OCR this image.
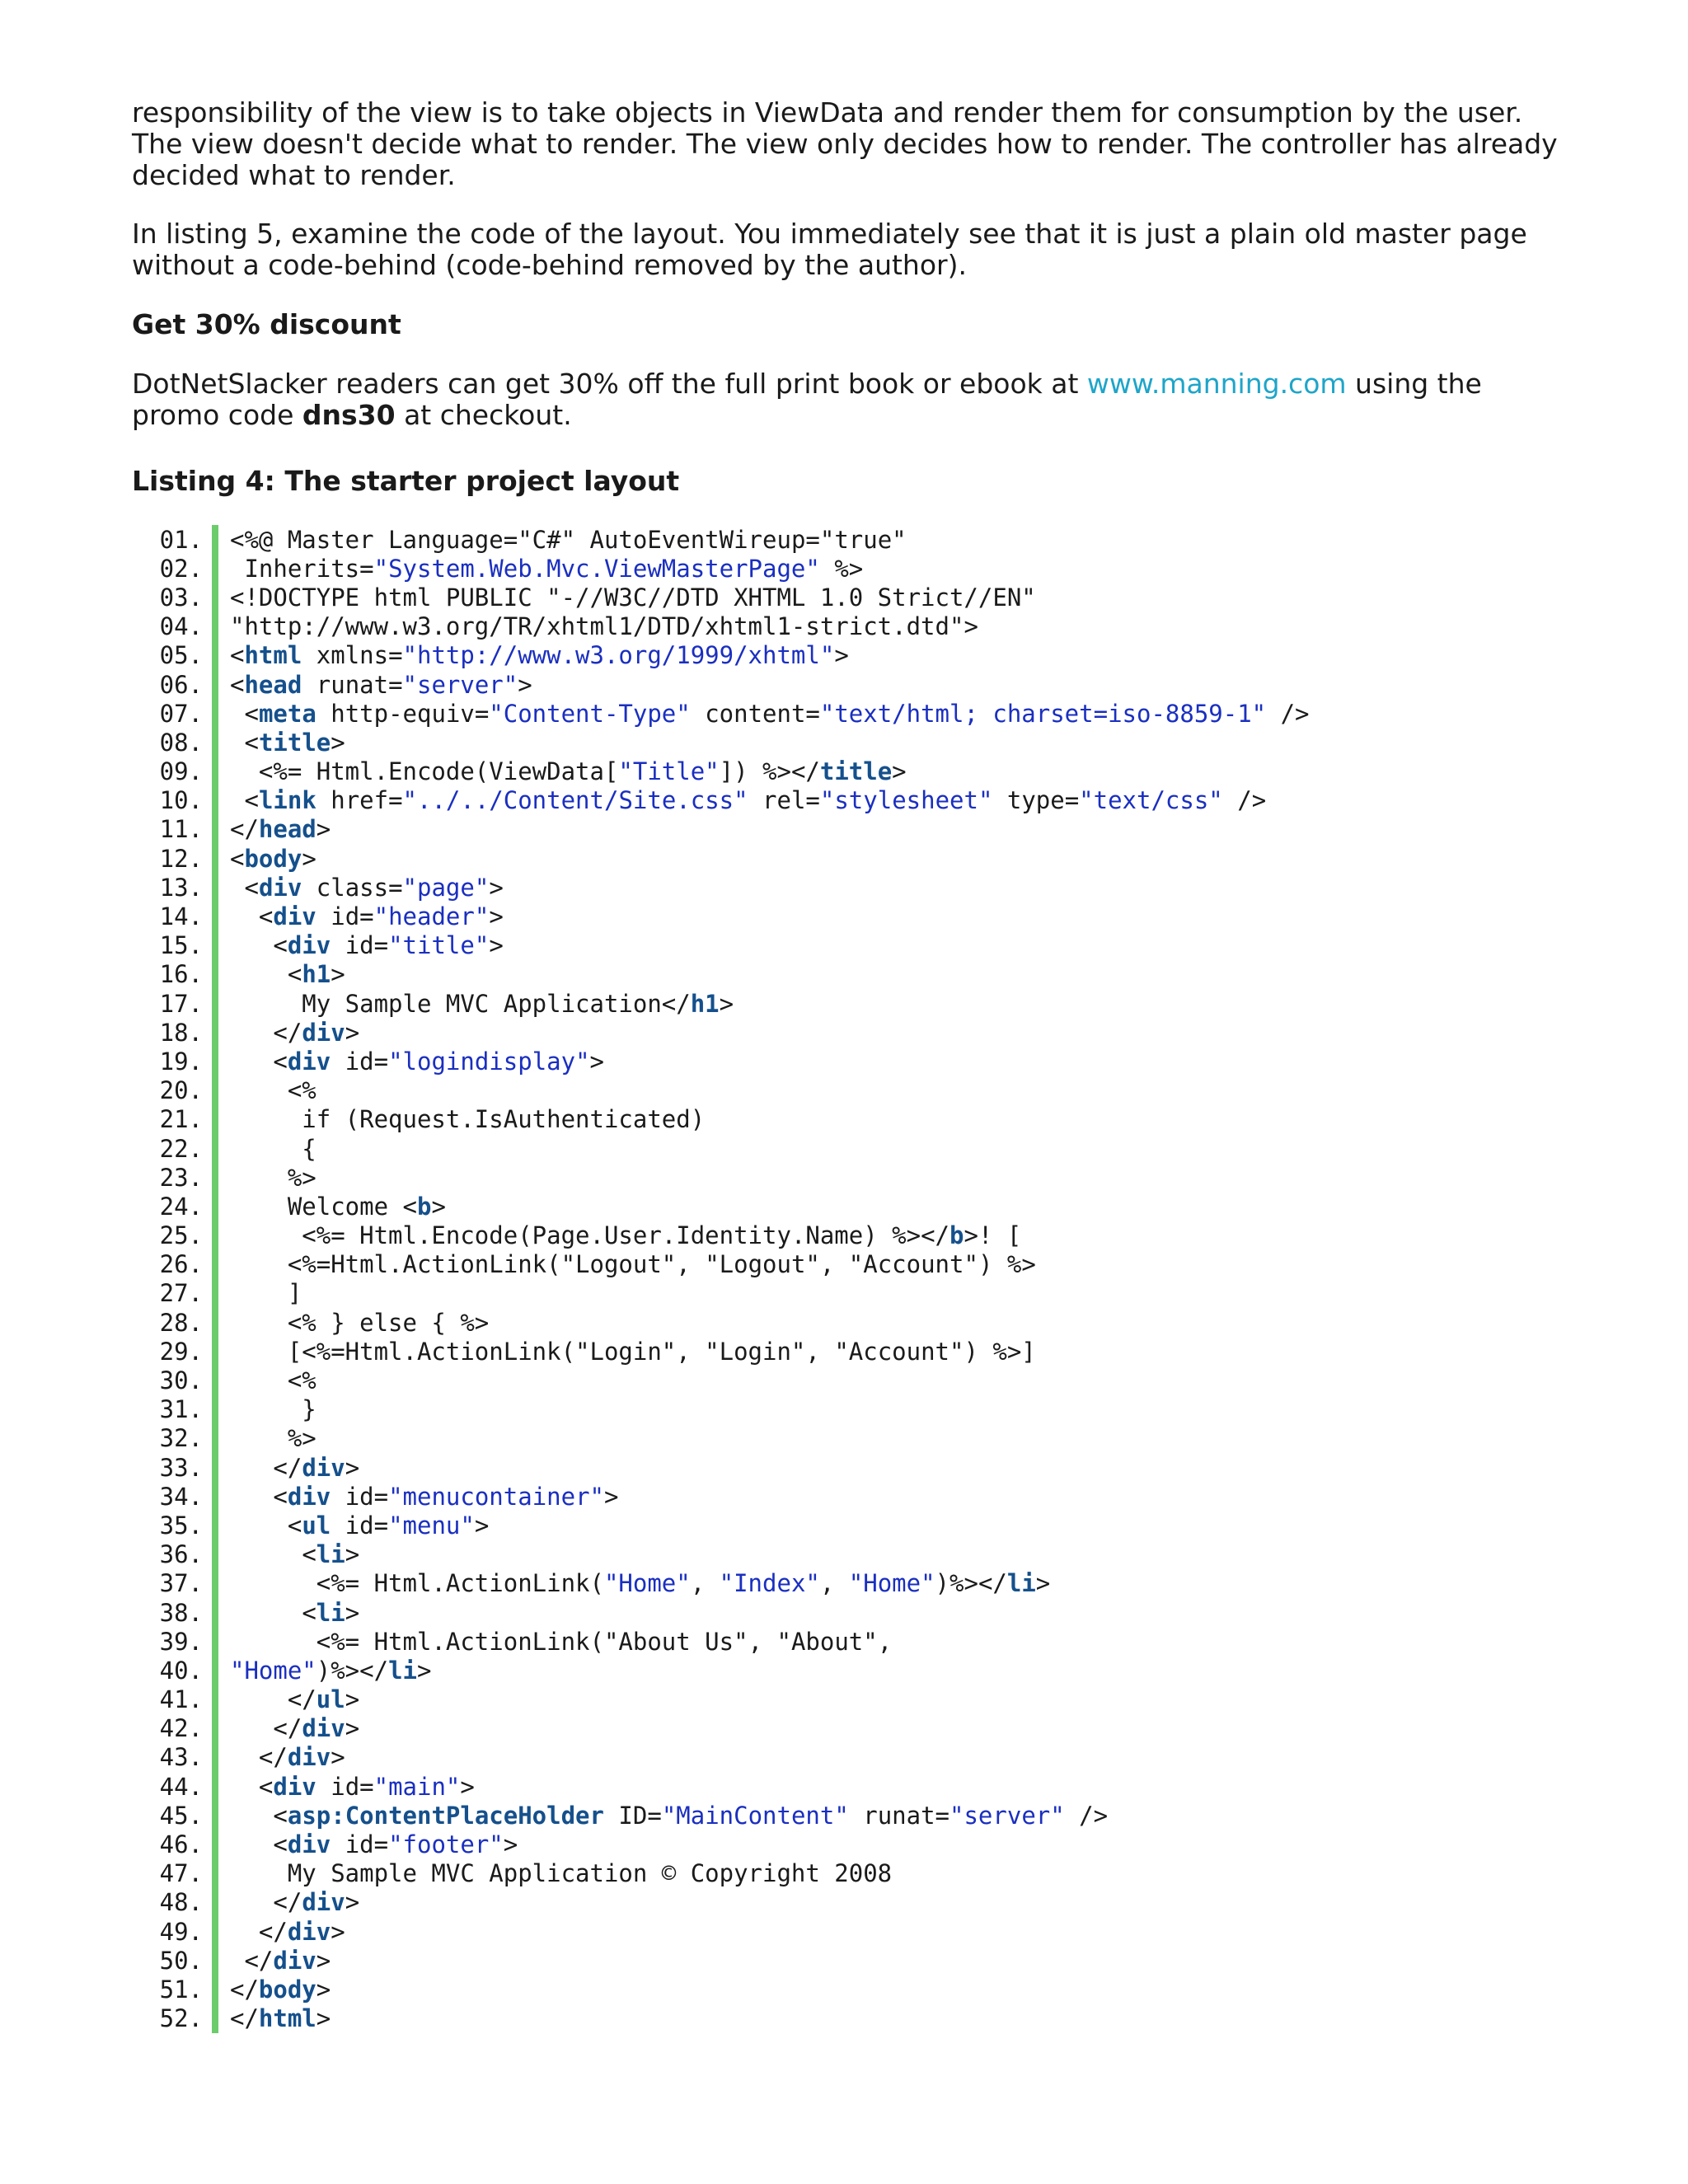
responsibility of the view is to take objects in ViewData and render them for consumption by the user. The view doesn't decide what to render. The view only decides how to render. The controller has already decided what to render.

In listing 5, examine the code of the layout. You immediately see that it is just a plain old master page without a code-behind (code-behind removed by the author).

Get 30% discount

DotNetSlacker readers can get 30% off the full print book or ebook at www.manning.com using the promo code dns30 at checkout.

Listing 4: The starter project layout
01.	<%@ Master Language="C#" AutoEventWireup="true"
02.	Inherits="System.Web.Mvc.ViewMasterPage" %>
03.	<!DOCTYPE html PUBLIC "-//W3C//DTD XHTML 1.0 Strict//EN"
04.	"http://www.w3.org/TR/xhtml1/DTD/xhtml1-strict.dtd">
05.	<html xmlns="http://www.w3.org/1999/xhtml">
06.	<head runat="server">
07.	<meta http-equiv="Content-Type" content="text/html; charset=iso-8859-1" />
08.	<title>
09.	<%= Html.Encode(ViewData["Title"]) %></title>
10.	<link href="../../Content/Site.css" rel="stylesheet" type="text/css" />
11.	</head>
12.	<body>
13.	<div class="page">
14.	<div id="header">
15.	<div id="title">
16.	<h1>
17.	My Sample MVC Application</h1>
18.	</div>
19.	<div id="logindisplay">
20.	<%
21.	if (Request.IsAuthenticated)
22.	{
23.	%>
24.	Welcome <b>
25.	<%= Html.Encode(Page.User.Identity.Name) %></b>! [
26.	<%=Html.ActionLink("Logout", "Logout", "Account") %>
27.	]
28.	<% } else { %>
29.	[<%=Html.ActionLink("Login", "Login", "Account") %>]
30.	<%
31.	}
32.	%>
33.	</div>
34.	<div id="menucontainer">
35.	<ul id="menu">
36.	<li>
37.	<%= Html.ActionLink("Home", "Index", "Home")%></li>
38.	<li>
39.	<%= Html.ActionLink("About Us", "About",
40.	"Home")%></li>
41.	</ul>
42.	</div>
43.	</div>
44.	<div id="main">
45.	<asp:ContentPlaceHolder ID="MainContent" runat="server" />
46.	<div id="footer">
47.	My Sample MVC Application © Copyright 2008
48.	</div>
49.	</div>
50.	</div>
51.	</body>
52.	</html>
